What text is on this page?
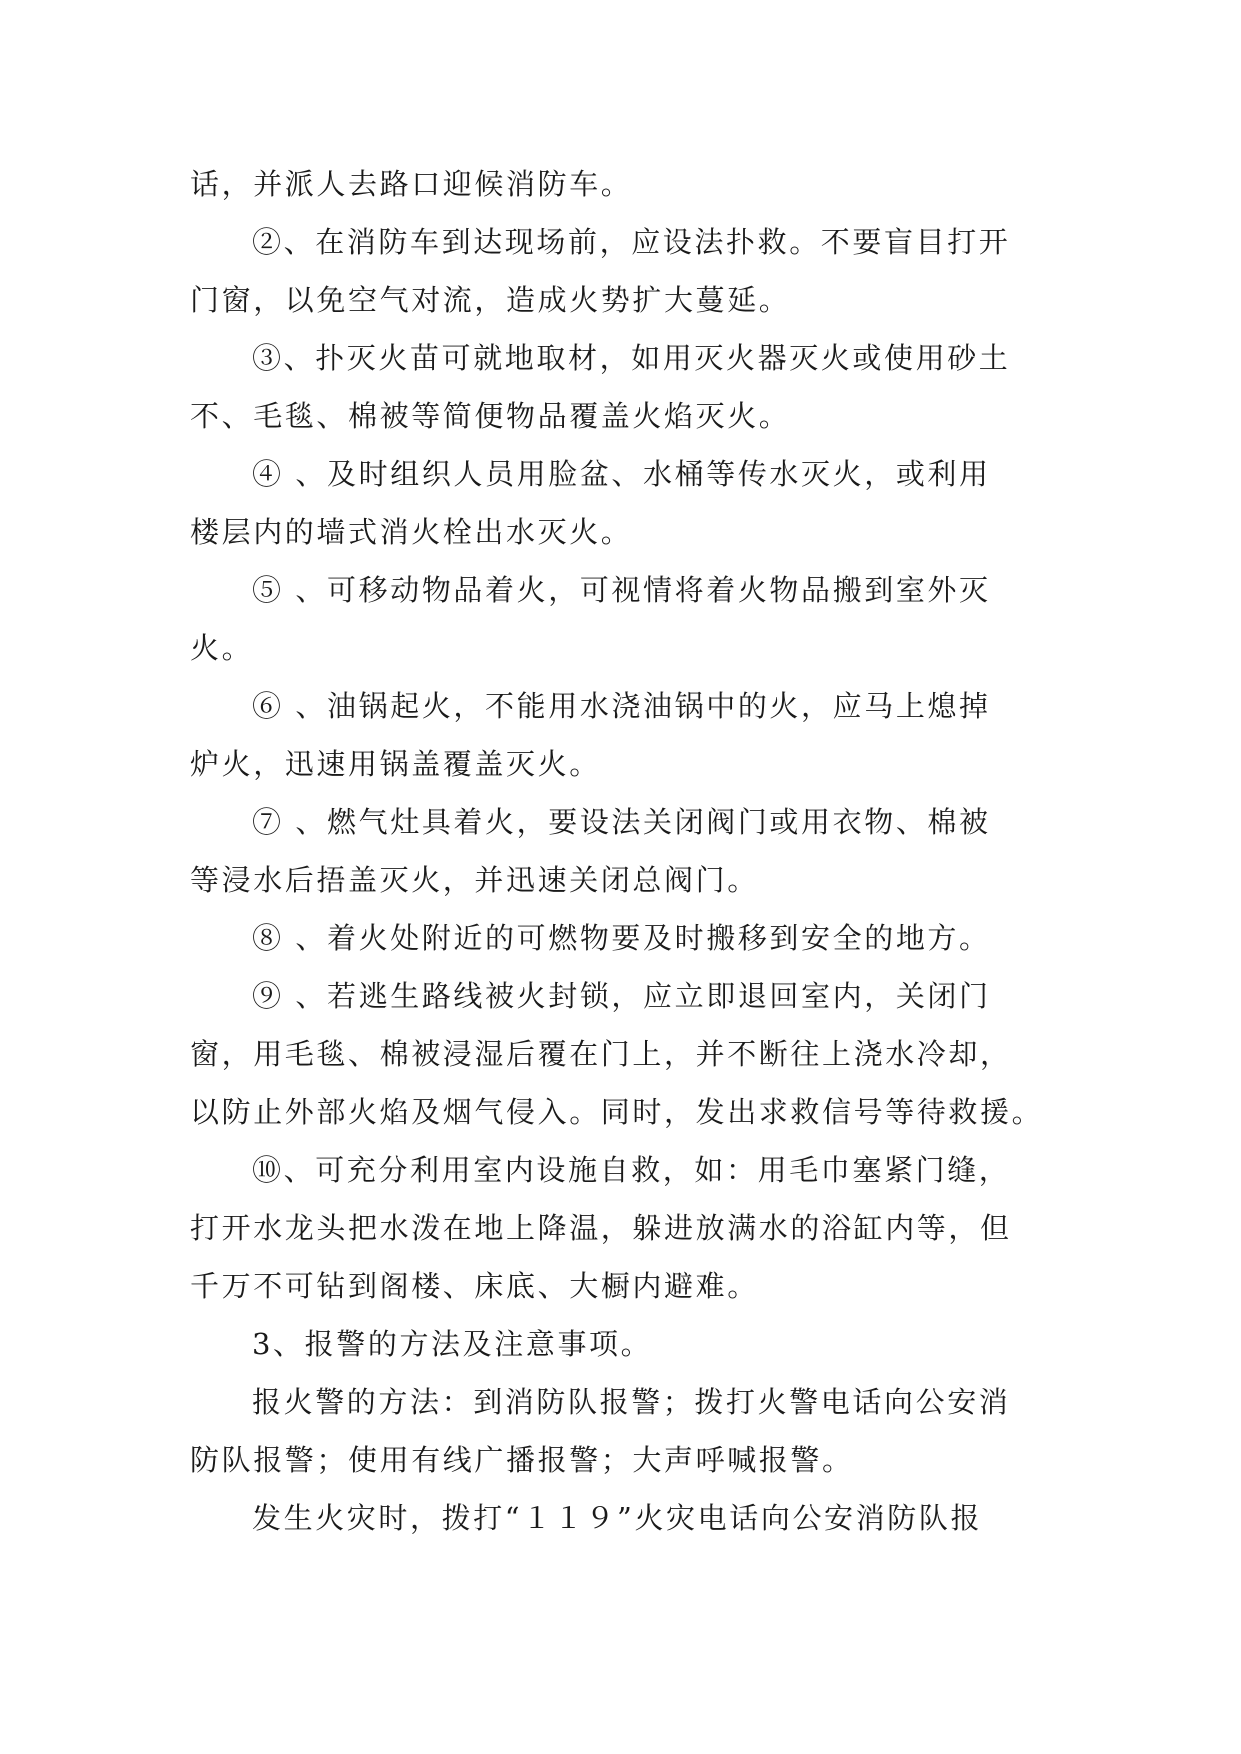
话，并派人去路口迎候消防车。
②、在消防车到达现场前，应设法扑救。不要盲目打开
门窗，以免空气对流，造成火势扩大蔓延。
③、扑灭火苗可就地取材，如用灭火器灭火或使用砂土
不、毛毯、棉被等简便物品覆盖火焰灭火。
④ 、及时组织人员用脸盆、水桶等传水灭火，或利用
楼层内的墙式消火栓出水灭火。
⑤ 、可移动物品着火，可视情将着火物品搬到室外灭
火。
⑥ 、油锅起火，不能用水浇油锅中的火，应马上熄掉
炉火，迅速用锅盖覆盖灭火。
⑦ 、燃气灶具着火，要设法关闭阀门或用衣物、棉被
等浸水后捂盖灭火，并迅速关闭总阀门。
⑧ 、着火处附近的可燃物要及时搬移到安全的地方。
⑨ 、若逃生路线被火封锁，应立即退回室内，关闭门
窗，用毛毯、棉被浸湿后覆在门上，并不断往上浇水冷却，
以防止外部火焰及烟气侵入。同时，发出求救信号等待救援。
⑩、可充分利用室内设施自救，如：用毛巾塞紧门缝，
打开水龙头把水泼在地上降温，躲进放满水的浴缸内等，但
千万不可钻到阁楼、床底、大橱内避难。
3、报警的方法及注意事项。
报火警的方法：到消防队报警；拨打火警电话向公安消
防队报警；使用有线广播报警；大声呼喊报警。
发生火灾时，拨打“１１９”火灾电话向公安消防队报
